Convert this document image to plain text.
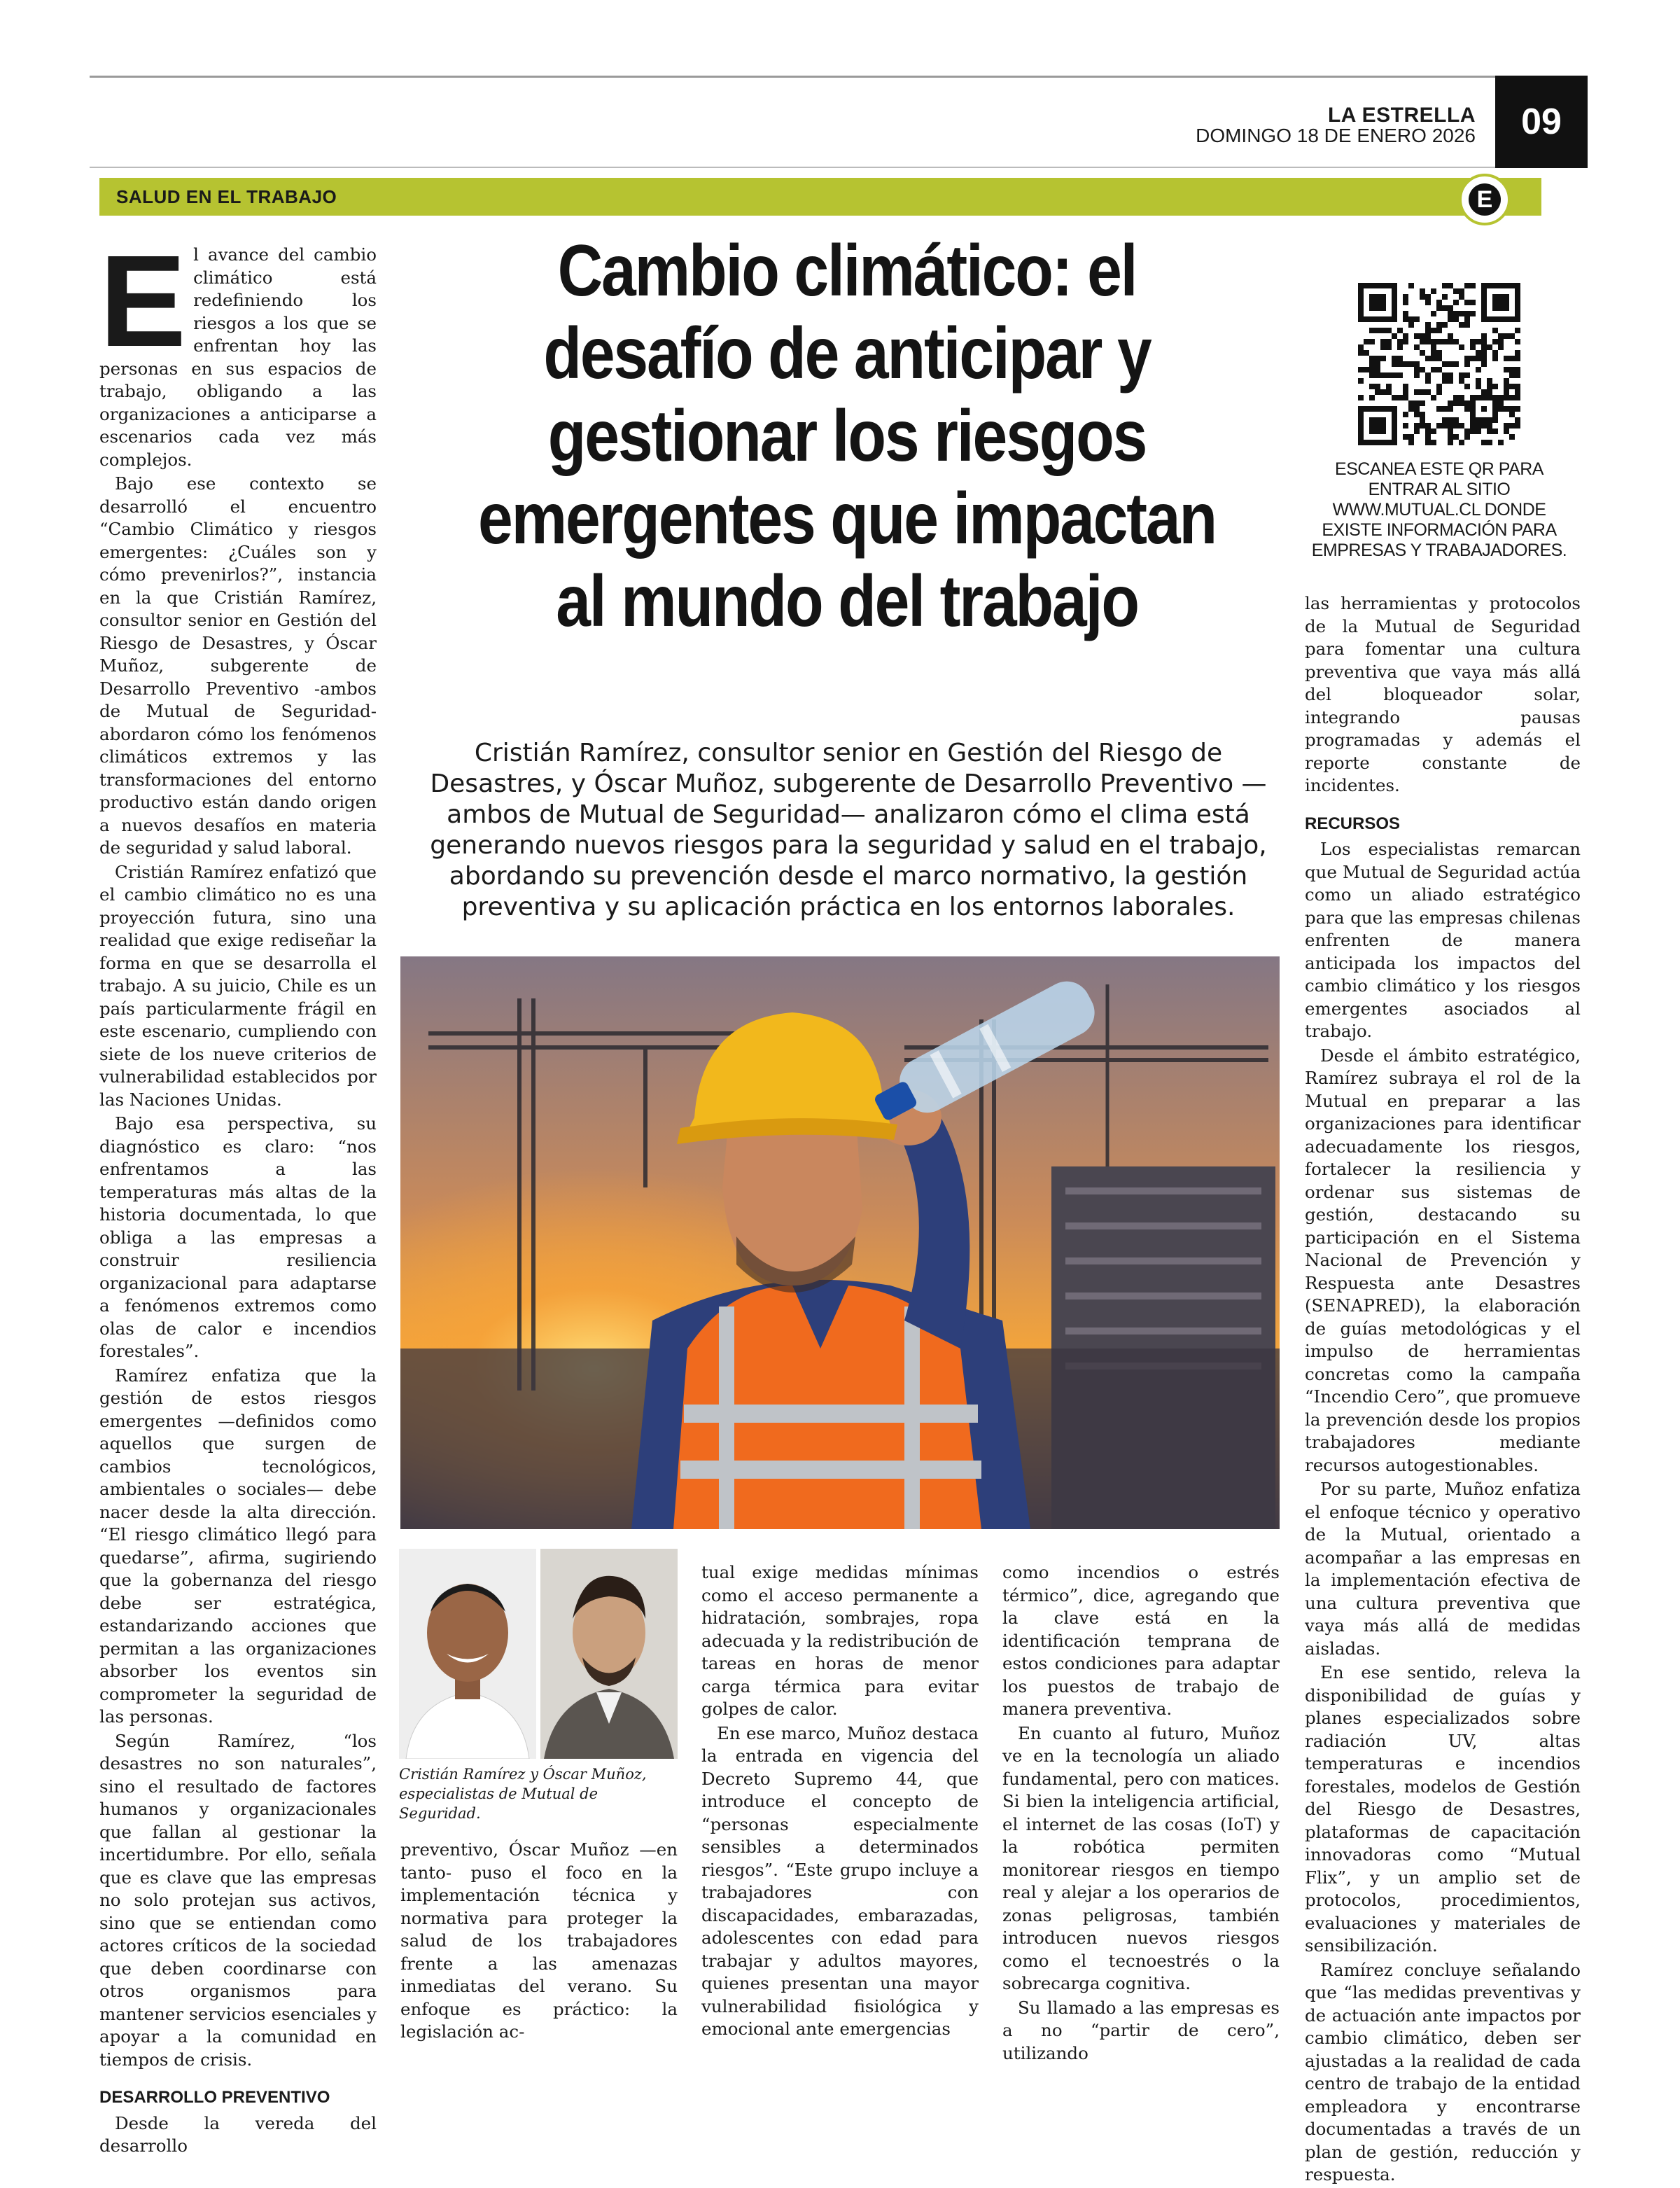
LA ESTRELLA
DOMINGO 18 DE ENERO 2026	09
SALUD EN EL TRABAJO	E
Cambio climático: el desafío de anticipar y gestionar los riesgos emergentes que impactan al mundo del trabajo
Cristián Ramírez, consultor senior en Gestión del Riesgo de Desastres, y Óscar Muñoz, subgerente de Desarrollo Preventivo —ambos de Mutual de Seguridad— analizaron cómo el clima está generando nuevos riesgos para la seguridad y salud en el trabajo, abordando su prevención desde el marco normativo, la gestión preventiva y su aplicación práctica en los entornos laborales.

El avance del cambio climático está redefiniendo los riesgos a los que se enfrentan hoy las personas en sus espacios de trabajo, obligando a las organizaciones a anticiparse a escenarios cada vez más complejos.

Bajo ese contexto se desarrolló el encuentro “Cambio Climático y riesgos emergentes: ¿Cuáles son y cómo prevenirlos?”, instancia en la que Cristián Ramírez, consultor senior en Gestión del Riesgo de Desastres, y Óscar Muñoz, subgerente de Desarrollo Preventivo -ambos de Mutual de Seguridad- abordaron cómo los fenómenos climáticos extremos y las transformaciones del entorno productivo están dando origen a nuevos desafíos en materia de seguridad y salud laboral.

Cristián Ramírez enfatizó que el cambio climático no es una proyección futura, sino una realidad que exige rediseñar la forma en que se desarrolla el trabajo. A su juicio, Chile es un país particularmente frágil en este escenario, cumpliendo con siete de los nueve criterios de vulnerabilidad establecidos por las Naciones Unidas.

Bajo esa perspectiva, su diagnóstico es claro: “nos enfrentamos a las temperaturas más altas de la historia documentada, lo que obliga a las empresas a construir resiliencia organizacional para adaptarse a fenómenos extremos como olas de calor e incendios forestales”.

Ramírez enfatiza que la gestión de estos riesgos emergentes —definidos como aquellos que surgen de cambios tecnológicos, ambientales o sociales— debe nacer desde la alta dirección. “El riesgo climático llegó para quedarse”, afirma, sugiriendo que la gobernanza del riesgo debe ser estratégica, estandarizando acciones que permitan a las organizaciones absorber los eventos sin comprometer la seguridad de las personas.

Según Ramírez, “los desastres no son naturales”, sino el resultado de factores humanos y organizacionales que fallan al gestionar la incertidumbre. Por ello, señala que es clave que las empresas no solo protejan sus activos, sino que se entiendan como actores críticos de la sociedad que deben coordinarse con otros organismos para mantener servicios esenciales y apoyar a la comunidad en tiempos de crisis.

DESARROLLO PREVENTIVO

Desde la vereda del desarrollo

Cristián Ramírez y Óscar Muñoz, especialistas de Mutual de Seguridad.

preventivo, Óscar Muñoz —en tanto- puso el foco en la implementación técnica y normativa para proteger la salud de los trabajadores frente a las amenazas inmediatas del verano. Su enfoque es práctico: la legislación ac-

tual exige medidas mínimas como el acceso permanente a hidratación, sombrajes, ropa adecuada y la redistribución de tareas en horas de menor carga térmica para evitar golpes de calor.

En ese marco, Muñoz destaca la entrada en vigencia del Decreto Supremo 44, que introduce el concepto de “personas especialmente sensibles a determinados riesgos”. “Este grupo incluye a trabajadores con discapacidades, embarazadas, adolescentes con edad para trabajar y adultos mayores, quienes presentan una mayor vulnerabilidad fisiológica y emocional ante emergencias

como incendios o estrés térmico”, dice, agregando que la clave está en la identificación temprana de estos condiciones para adaptar los puestos de trabajo de manera preventiva.

En cuanto al futuro, Muñoz ve en la tecnología un aliado fundamental, pero con matices. Si bien la inteligencia artificial, el internet de las cosas (IoT) y la robótica permiten monitorear riesgos en tiempo real y alejar a los operarios de zonas peligrosas, también introducen nuevos riesgos como el tecnoestrés o la sobrecarga cognitiva.

Su llamado a las empresas es a no “partir de cero”, utilizando

ESCANEA ESTE QR PARA ENTRAR AL SITIO WWW.MUTUAL.CL DONDE EXISTE INFORMACIÓN PARA EMPRESAS Y TRABAJADORES.

las herramientas y protocolos de la Mutual de Seguridad para fomentar una cultura preventiva que vaya más allá del bloqueador solar, integrando pausas programadas y además el reporte constante de incidentes.

RECURSOS

Los especialistas remarcan que Mutual de Seguridad actúa como un aliado estratégico para que las empresas chilenas enfrenten de manera anticipada los impactos del cambio climático y los riesgos emergentes asociados al trabajo.

Desde el ámbito estratégico, Ramírez subraya el rol de la Mutual en preparar a las organizaciones para identificar adecuadamente los riesgos, fortalecer la resiliencia y ordenar sus sistemas de gestión, destacando su participación en el Sistema Nacional de Prevención y Respuesta ante Desastres (SENAPRED), la elaboración de guías metodológicas y el impulso de herramientas concretas como la campaña “Incendio Cero”, que promueve la prevención desde los propios trabajadores mediante recursos autogestionables.

Por su parte, Muñoz enfatiza el enfoque técnico y operativo de la Mutual, orientado a acompañar a las empresas en la implementación efectiva de una cultura preventiva que vaya más allá de medidas aisladas.

En ese sentido, releva la disponibilidad de guías y planes especializados sobre radiación UV, altas temperaturas e incendios forestales, modelos de Gestión del Riesgo de Desastres, plataformas de capacitación innovadoras como “Mutual Flix”, y un amplio set de protocolos, procedimientos, evaluaciones y materiales de sensibilización.

Ramírez concluye señalando que “las medidas preventivas y de actuación ante impactos por cambio climático, deben ser ajustadas a la realidad de cada centro de trabajo de la entidad empleadora y encontrarse documentadas a través de un plan de gestión, reducción y respuesta.
